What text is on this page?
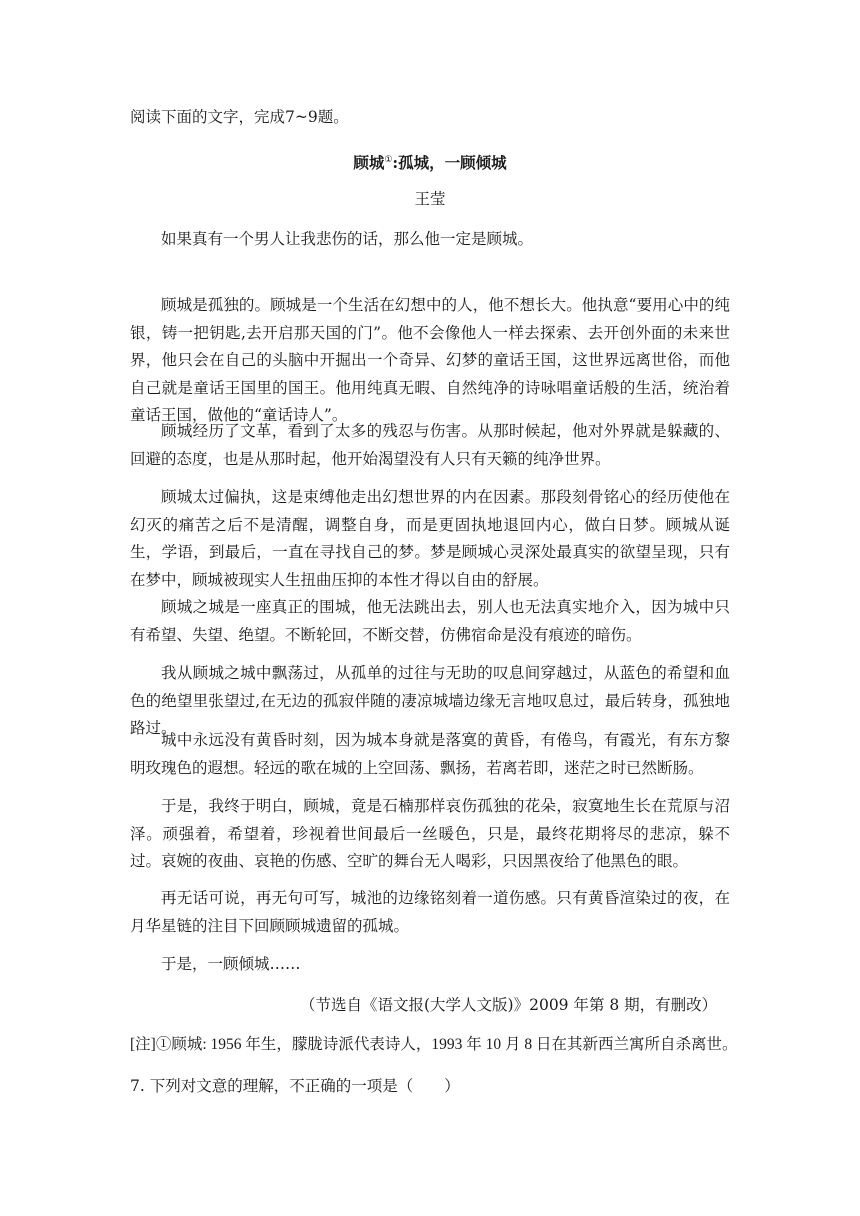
阅读下面的文字，完成7~9题。
顾城①:孤城，一顾倾城
王莹

如果真有一个男人让我悲伤的话，那么他一定是顾城。

顾城是孤独的。顾城是一个生活在幻想中的人，他不想长大。他执意“要用心中的纯银，铸一把钥匙,去开启那天国的门”。他不会像他人一样去探索、去开创外面的未来世界，他只会在自己的头脑中开掘出一个奇异、幻梦的童话王国，这世界远离世俗，而他自己就是童话王国里的国王。他用纯真无暇、自然纯净的诗咏唱童话般的生活，统治着童话王国，做他的“童话诗人”。

顾城经历了文革，看到了太多的残忍与伤害。从那时候起，他对外界就是躲藏的、回避的态度，也是从那时起，他开始渴望没有人只有天籁的纯净世界。

顾城太过偏执，这是束缚他走出幻想世界的内在因素。那段刻骨铭心的经历使他在幻灭的痛苦之后不是清醒，调整自身，而是更固执地退回内心，做白日梦。顾城从诞生，学语，到最后，一直在寻找自己的梦。梦是顾城心灵深处最真实的欲望呈现，只有在梦中，顾城被现实人生扭曲压抑的本性才得以自由的舒展。

顾城之城是一座真正的围城，他无法跳出去，别人也无法真实地介入，因为城中只有希望、失望、绝望。不断轮回，不断交替，仿佛宿命是没有痕迹的暗伤。

我从顾城之城中飘荡过，从孤单的过往与无助的叹息间穿越过，从蓝色的希望和血色的绝望里张望过,在无边的孤寂伴随的凄凉城墙边缘无言地叹息过，最后转身，孤独地路过。

城中永远没有黄昏时刻，因为城本身就是落寞的黄昏，有倦鸟，有霞光，有东方黎明玫瑰色的遐想。轻远的歌在城的上空回荡、飘扬，若离若即，迷茫之时已然断肠。

于是，我终于明白，顾城，竟是石楠那样哀伤孤独的花朵，寂寞地生长在荒原与沼泽。顽强着，希望着，珍视着世间最后一丝暖色，只是，最终花期将尽的悲凉，躲不过。哀婉的夜曲、哀艳的伤感、空旷的舞台无人喝彩，只因黑夜给了他黑色的眼。

再无话可说，再无句可写，城池的边缘铭刻着一道伤感。只有黄昏渲染过的夜，在月华星链的注目下回顾顾城遗留的孤城。

于是，一顾倾城……

（节选自《语文报(大学人文版)》2009 年第 8 期，有删改）
[注]①顾城: 1956 年生，朦胧诗派代表诗人，1993 年 10 月 8 日在其新西兰寓所自杀离世。
7. 下列对文意的理解，不正确的一项是（　　）
